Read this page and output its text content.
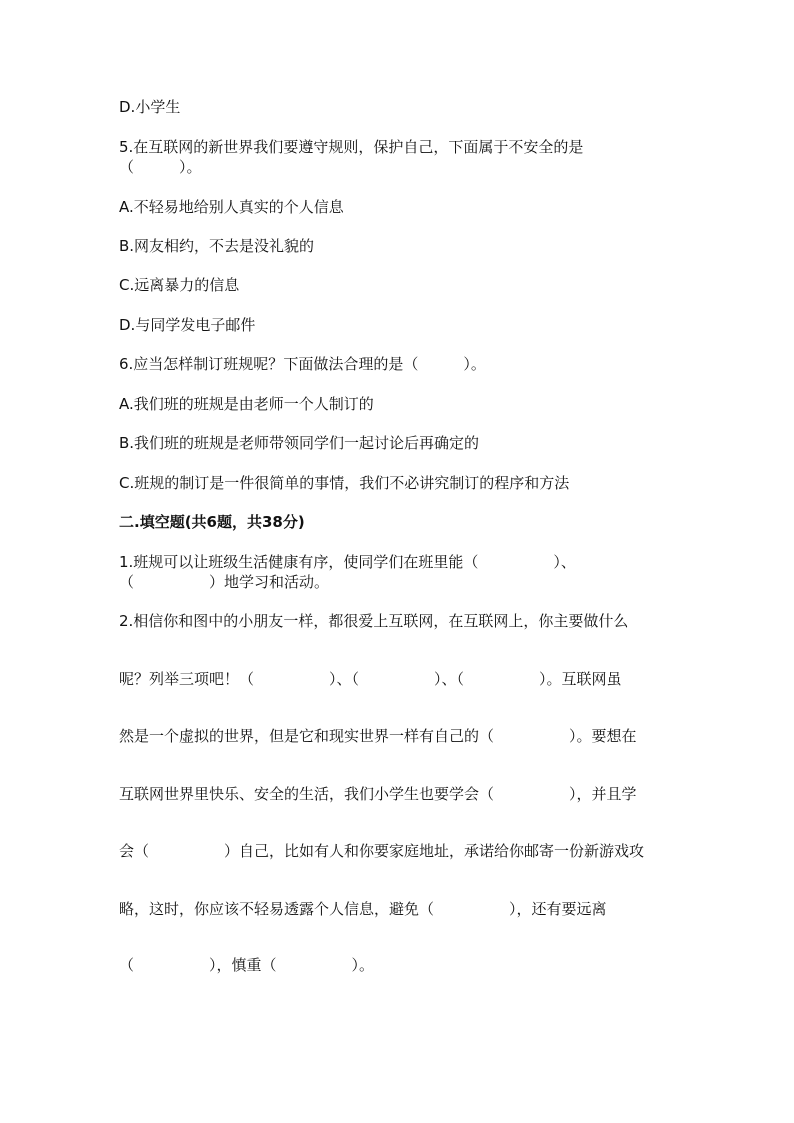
D.小学生
5.在互联网的新世界我们要遵守规则，保护自己，下面属于不安全的是
（　　　）。
A.不轻易地给别人真实的个人信息
B.网友相约，不去是没礼貌的
C.远离暴力的信息
D.与同学发电子邮件
6.应当怎样制订班规呢？下面做法合理的是（　　　）。
A.我们班的班规是由老师一个人制订的
B.我们班的班规是老师带领同学们一起讨论后再确定的
C.班规的制订是一件很简单的事情，我们不必讲究制订的程序和方法
二.填空题(共6题，共38分)
1.班规可以让班级生活健康有序，使同学们在班里能（　　　　　）、
（　　　　　）地学习和活动。
2.相信你和图中的小朋友一样，都很爱上互联网，在互联网上，你主要做什么
呢？列举三项吧！（　　　　　）、（　　　　　）、（　　　　　）。互联网虽
然是一个虚拟的世界，但是它和现实世界一样有自己的（　　　　　）。要想在
互联网世界里快乐、安全的生活，我们小学生也要学会（　　　　　），并且学
会（　　　　　）自己，比如有人和你要家庭地址，承诺给你邮寄一份新游戏攻
略，这时，你应该不轻易透露个人信息，避免（　　　　　），还有要远离
（　　　　　），慎重（　　　　　）。
